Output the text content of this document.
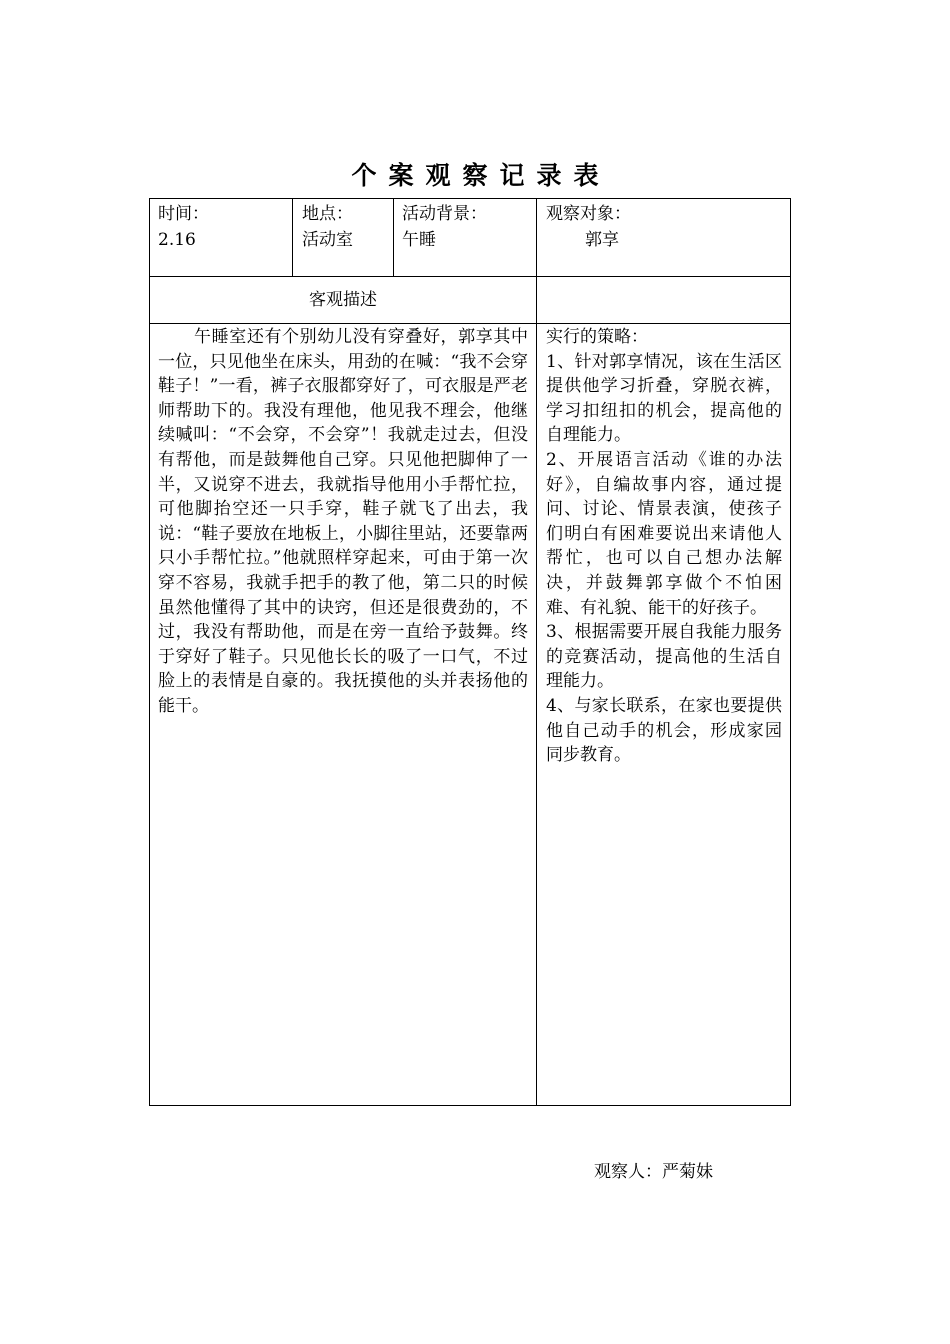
个案观察记录表
时间：
2.16
地点：
活动室
活动背景：
午睡
观察对象：
郭享
客观描述
午睡室还有个别幼儿没有穿叠好，郭享其中一位，只见他坐在床头，用劲的在喊：“我不会穿鞋子！”一看，裤子衣服都穿好了，可衣服是严老师帮助下的。我没有理他，他见我不理会，他继续喊叫：“不会穿，不会穿”！我就走过去，但没有帮他，而是鼓舞他自己穿。只见他把脚伸了一半，又说穿不进去，我就指导他用小手帮忙拉，可他脚抬空还一只手穿，鞋子就飞了出去，我说：“鞋子要放在地板上，小脚往里站，还要靠两只小手帮忙拉。”他就照样穿起来，可由于第一次穿不容易，我就手把手的教了他，第二只的时候虽然他懂得了其中的诀窍，但还是很费劲的，不过，我没有帮助他，而是在旁一直给予鼓舞。终于穿好了鞋子。只见他长长的吸了一口气，不过脸上的表情是自豪的。我抚摸他的头并表扬他的能干。
实行的策略：
1、针对郭享情况，该在生活区提供他学习折叠，穿脱衣裤，学习扣纽扣的机会，提高他的自理能力。
2、开展语言活动《谁的办法好》，自编故事内容，通过提问、讨论、情景表演，使孩子们明白有困难要说出来请他人帮忙，也可以自己想办法解决，并鼓舞郭享做个不怕困难、有礼貌、能干的好孩子。
3、根据需要开展自我能力服务的竞赛活动，提高他的生活自理能力。
4、与家长联系，在家也要提供他自己动手的机会，形成家园同步教育。
观察人：严菊妹
